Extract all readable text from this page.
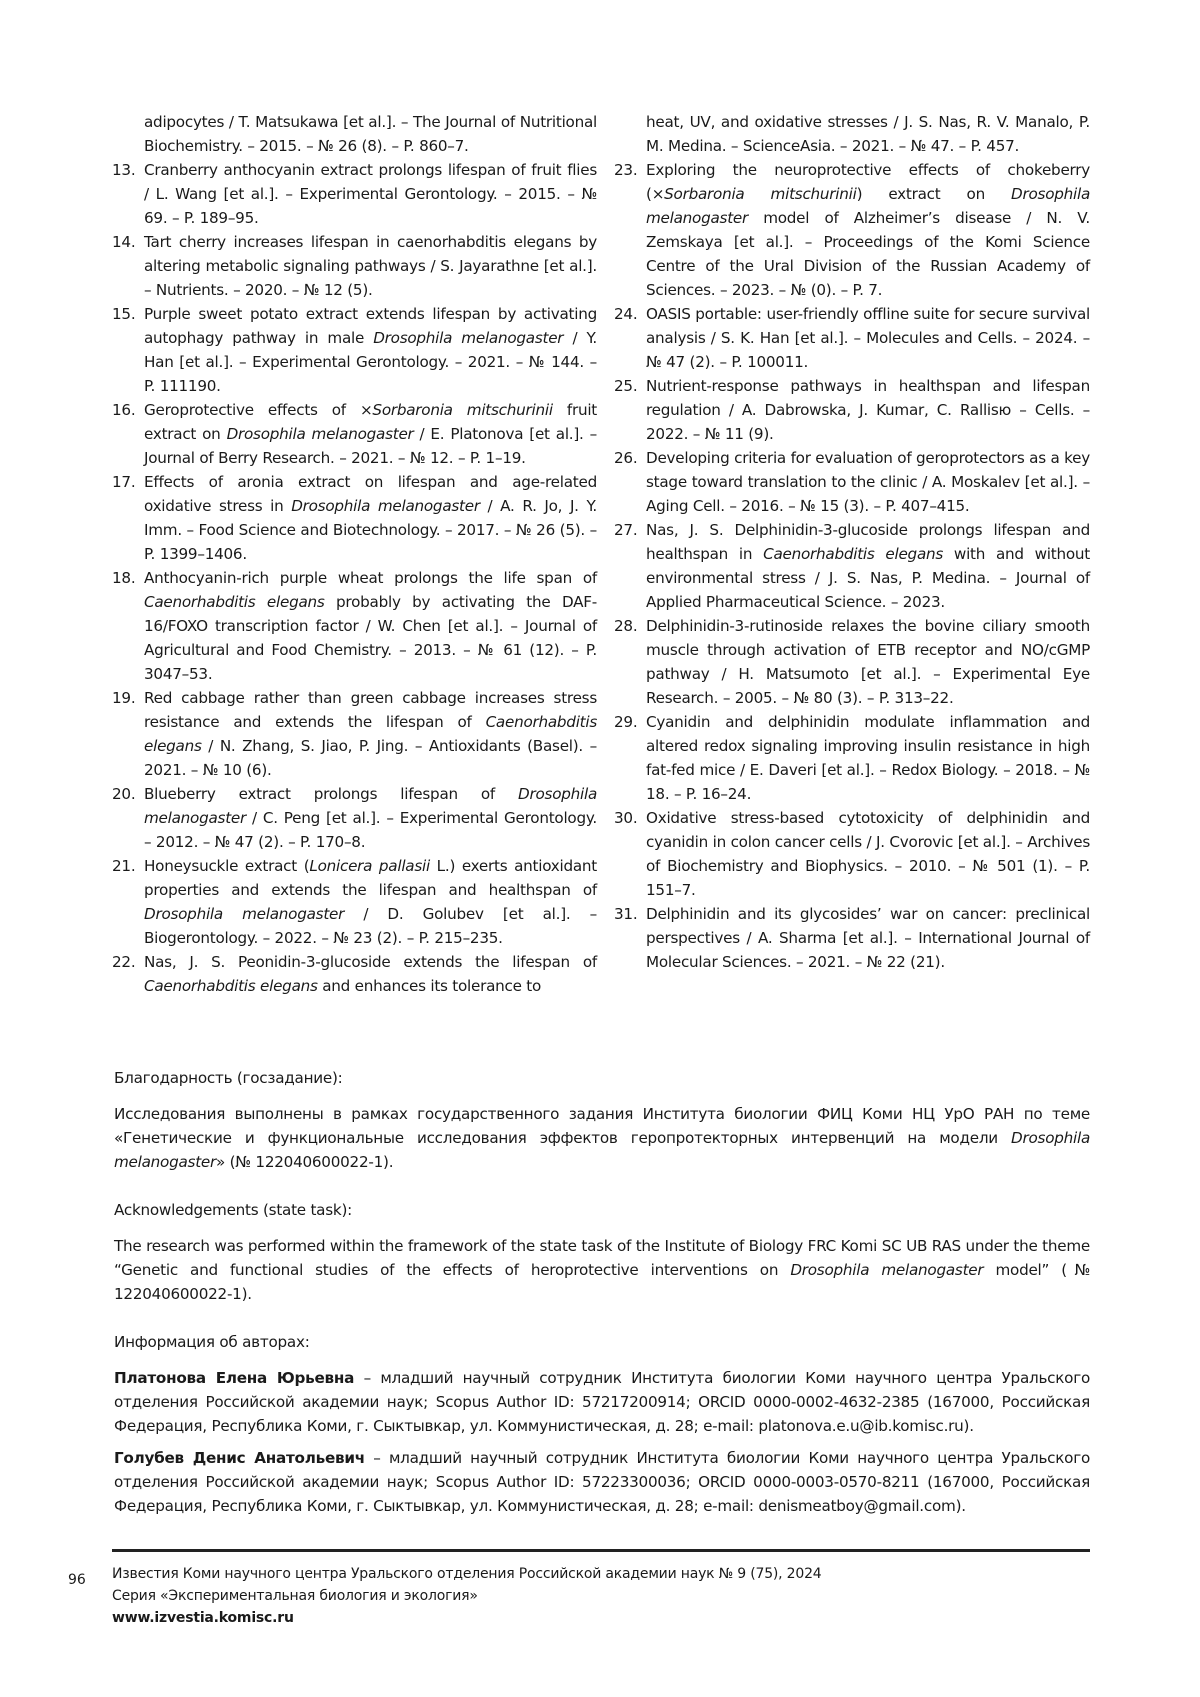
adipocytes / T. Matsukawa [et al.]. – The Journal of Nutritional Biochemistry. – 2015. – № 26 (8). – P. 860–7.
13. Cranberry anthocyanin extract prolongs lifespan of fruit flies / L. Wang [et al.]. – Experimental Gerontology. – 2015. – № 69. – P. 189–95.
14. Tart cherry increases lifespan in caenorhabditis elegans by altering metabolic signaling pathways / S. Jayarathne [et al.]. – Nutrients. – 2020. – № 12 (5).
15. Purple sweet potato extract extends lifespan by activating autophagy pathway in male Drosophila melanogaster / Y. Han [et al.]. – Experimental Gerontology. – 2021. – № 144. – P. 111190.
16. Geroprotective effects of ×Sorbaronia mitschurinii fruit extract on Drosophila melanogaster / E. Platonova [et al.]. – Journal of Berry Research. – 2021. – № 12. – P. 1–19.
17. Effects of aronia extract on lifespan and age-related oxidative stress in Drosophila melanogaster / A. R. Jo, J. Y. Imm. – Food Science and Biotechnology. – 2017. – № 26 (5). – P. 1399–1406.
18. Anthocyanin-rich purple wheat prolongs the life span of Caenorhabditis elegans probably by activating the DAF-16/FOXO transcription factor / W. Chen [et al.]. – Journal of Agricultural and Food Chemistry. – 2013. – № 61 (12). – P. 3047–53.
19. Red cabbage rather than green cabbage increases stress resistance and extends the lifespan of Caenorhabditis elegans / N. Zhang, S. Jiao, P. Jing. – Antioxidants (Basel). – 2021. – № 10 (6).
20. Blueberry extract prolongs lifespan of Drosophila melanogaster / C. Peng [et al.]. – Experimental Gerontology. – 2012. – № 47 (2). – P. 170–8.
21. Honeysuckle extract (Lonicera pallasii L.) exerts antioxidant properties and extends the lifespan and healthspan of Drosophila melanogaster / D. Golubev [et al.]. – Biogerontology. – 2022. – № 23 (2). – P. 215–235.
22. Nas, J. S. Peonidin-3-glucoside extends the lifespan of Caenorhabditis elegans and enhances its tolerance to
heat, UV, and oxidative stresses / J. S. Nas, R. V. Manalo, P. M. Medina. – ScienceAsia. – 2021. – № 47. – P. 457.
23. Exploring the neuroprotective effects of chokeberry (×Sorbaronia mitschurinii) extract on Drosophila melanogaster model of Alzheimer’s disease / N. V. Zemskaya [et al.]. – Proceedings of the Komi Science Centre of the Ural Division of the Russian Academy of Sciences. – 2023. – № (0). – P. 7.
24. OASIS portable: user-friendly offline suite for secure survival analysis / S. K. Han [et al.]. – Molecules and Cells. – 2024. – № 47 (2). – P. 100011.
25. Nutrient-response pathways in healthspan and lifespan regulation / A. Dabrowska, J. Kumar, C. Rallisю – Cells. – 2022. – № 11 (9).
26. Developing criteria for evaluation of geroprotectors as a key stage toward translation to the clinic / A. Moskalev [et al.]. – Aging Cell. – 2016. – № 15 (3). – P. 407–415.
27. Nas, J. S. Delphinidin-3-glucoside prolongs lifespan and healthspan in Caenorhabditis elegans with and without environmental stress / J. S. Nas, P. Medina. – Journal of Applied Pharmaceutical Science. – 2023.
28. Delphinidin-3-rutinoside relaxes the bovine ciliary smooth muscle through activation of ETB receptor and NO/cGMP pathway / H. Matsumoto [et al.]. – Experimental Eye Research. – 2005. – № 80 (3). – P. 313–22.
29. Cyanidin and delphinidin modulate inflammation and altered redox signaling improving insulin resistance in high fat-fed mice / E. Daveri [et al.]. – Redox Biology. – 2018. – № 18. – P. 16–24.
30. Oxidative stress-based cytotoxicity of delphinidin and cyanidin in colon cancer cells / J. Cvorovic [et al.]. – Archives of Biochemistry and Biophysics. – 2010. – № 501 (1). – P. 151–7.
31. Delphinidin and its glycosides’ war on cancer: preclinical perspectives / A. Sharma [et al.]. – International Journal of Molecular Sciences. – 2021. – № 22 (21).

Благодарность (госзадание):

Исследования выполнены в рамках государственного задания Института биологии ФИЦ Коми НЦ УрО РАН по теме «Генетические и функциональные исследования эффектов геропротекторных интервенций на модели Drosophila melanogaster» (№ 122040600022-1).

Acknowledgements (state task):

The research was performed within the framework of the state task of the Institute of Biology FRC Komi SC UB RAS under the theme “Genetic and functional studies of the effects of heroprotective interventions on Drosophila melanogaster model” (№ 122040600022-1).

Информация об авторах:

Платонова Елена Юрьевна – младший научный сотрудник Института биологии Коми научного центра Уральского отделения Российской академии наук; Scopus Author ID: 57217200914; ORCID 0000-0002-4632-2385 (167000, Российская Федерация, Республика Коми, г. Сыктывкар, ул. Коммунистическая, д. 28; e-mail: platonova.e.u@ib.komisc.ru).

Голубев Денис Анатольевич – младший научный сотрудник Института биологии Коми научного центра Уральского отделения Российской академии наук; Scopus Author ID: 57223300036; ORCID 0000-0003-0570-8211 (167000, Российская Федерация, Республика Коми, г. Сыктывкар, ул. Коммунистическая, д. 28; e-mail: denismeatboy@gmail.com).

96 Известия Коми научного центра Уральского отделения Российской академии наук № 9 (75), 2024
Серия «Экспериментальная биология и экология»
www.izvestia.komisc.ru
